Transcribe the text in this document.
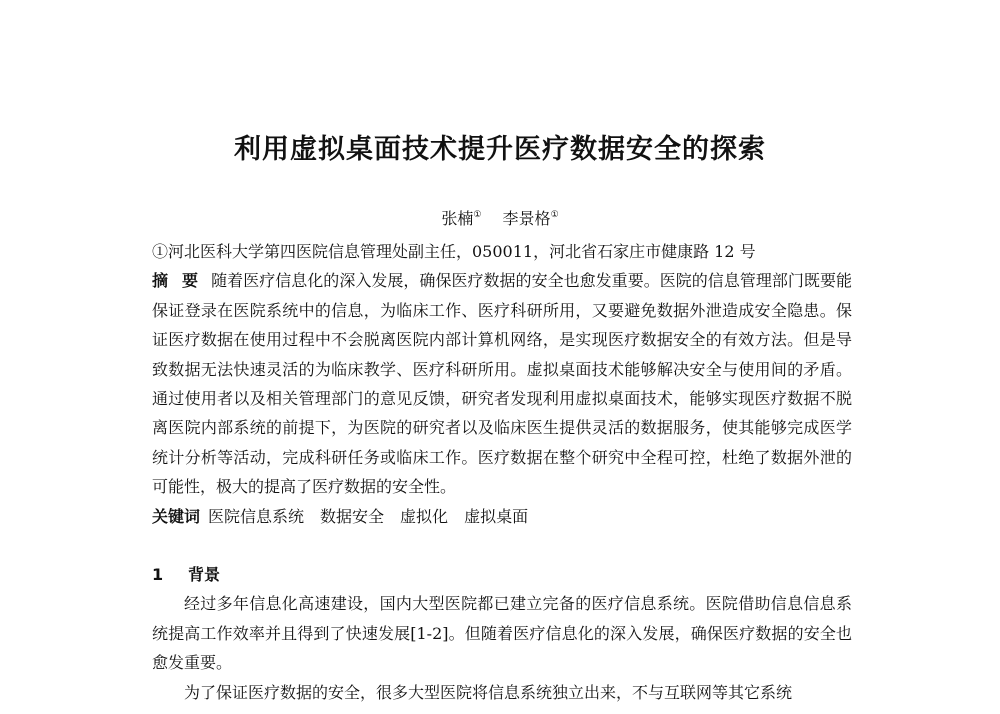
利用虚拟桌面技术提升医疗数据安全的探索
张楠① 李景格①
①河北医科大学第四医院信息管理处副主任，050011，河北省石家庄市健康路 12 号
摘要 随着医疗信息化的深入发展，确保医疗数据的安全也愈发重要。医院的信息管理部门既要能保证登录在医院系统中的信息，为临床工作、医疗科研所用，又要避免数据外泄造成安全隐患。保证医疗数据在使用过程中不会脱离医院内部计算机网络，是实现医疗数据安全的有效方法。但是导致数据无法快速灵活的为临床教学、医疗科研所用。虚拟桌面技术能够解决安全与使用间的矛盾。通过使用者以及相关管理部门的意见反馈，研究者发现利用虚拟桌面技术，能够实现医疗数据不脱离医院内部系统的前提下，为医院的研究者以及临床医生提供灵活的数据服务，使其能够完成医学统计分析等活动，完成科研任务或临床工作。医疗数据在整个研究中全程可控，杜绝了数据外泄的可能性，极大的提高了医疗数据的安全性。
关键词 医院信息系统 数据安全 虚拟化 虚拟桌面
1 背景
经过多年信息化高速建设，国内大型医院都已建立完备的医疗信息系统。医院借助信息信息系统提高工作效率并且得到了快速发展[1-2]。但随着医疗信息化的深入发展，确保医疗数据的安全也愈发重要。
为了保证医疗数据的安全，很多大型医院将信息系统独立出来，不与互联网等其它系统
